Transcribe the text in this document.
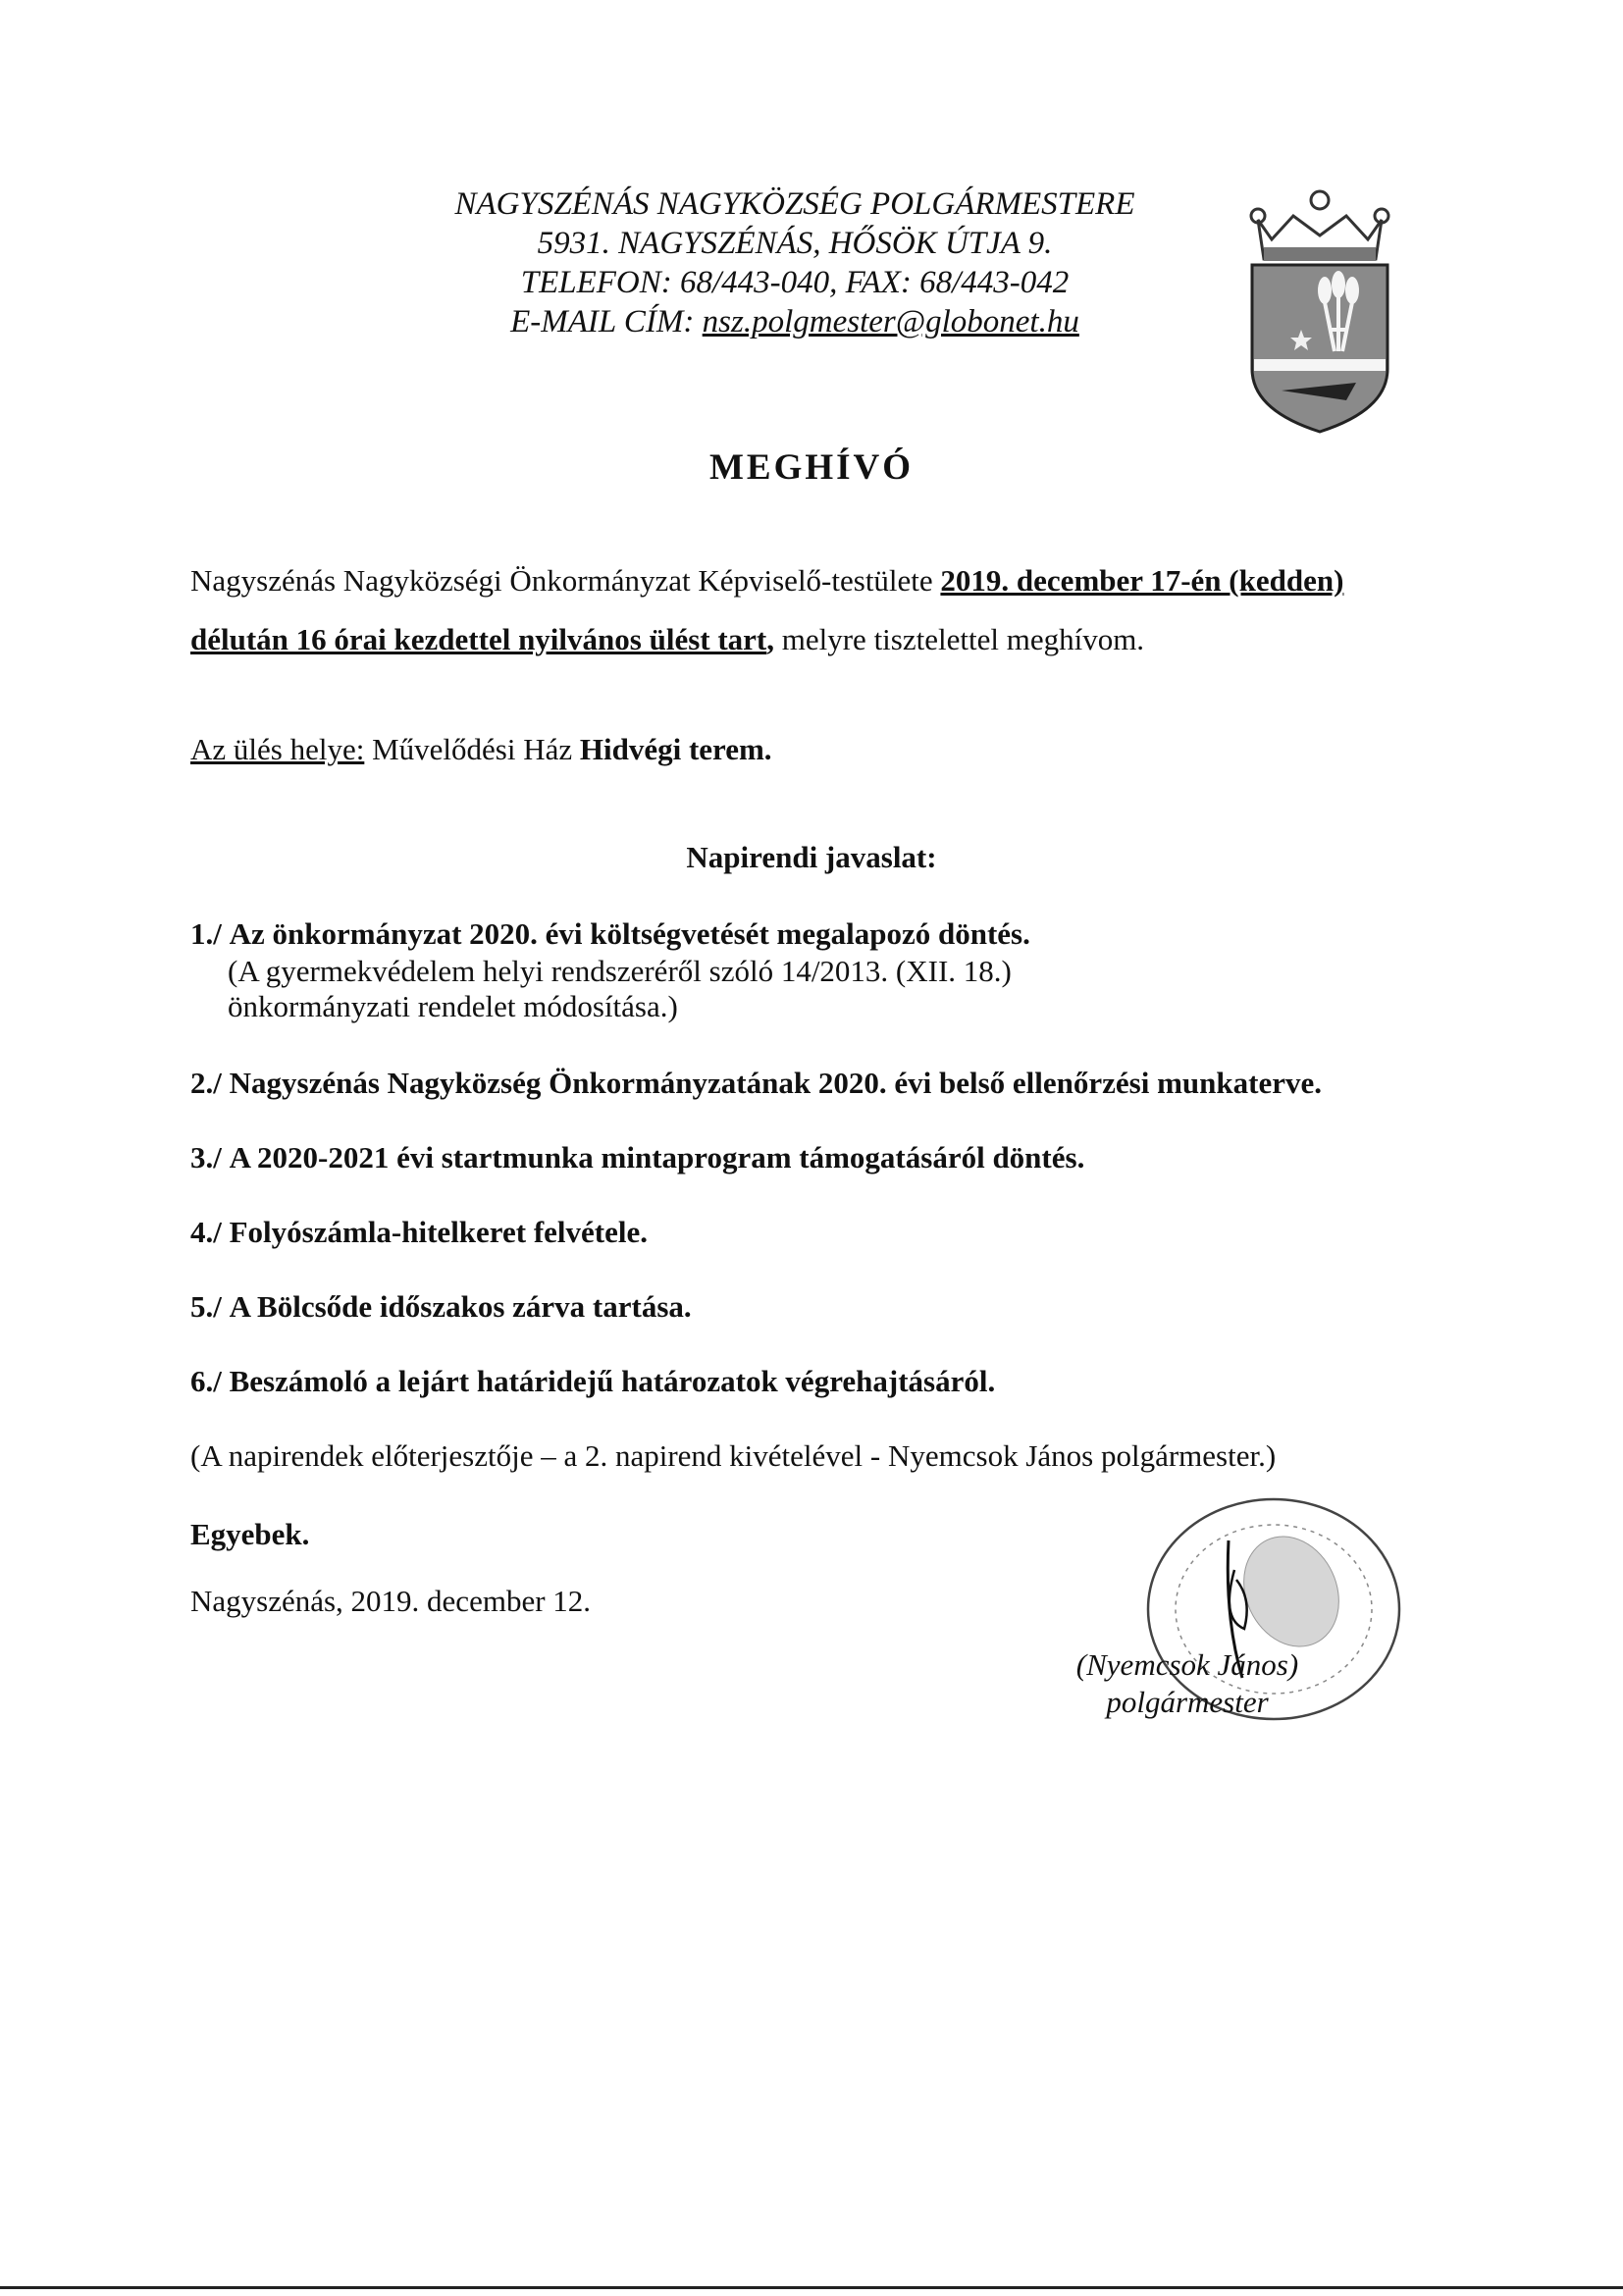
NAGYSZÉNÁS NAGYKÖZSÉG POLGÁRMESTERE
5931. NAGYSZÉNÁS, HŐSÖK ÚTJA 9.
TELEFON: 68/443-040, FAX: 68/443-042
E-MAIL CÍM: nsz.polgmester@globonet.hu
MEGHÍVÓ
Nagyszénás Nagyközségi Önkormányzat Képviselő-testülete 2019. december 17-én (kedden)
délután 16 órai kezdettel nyilvános ülést tart, melyre tisztelettel meghívom.
Az ülés helye: Művelődési Ház Hidvégi terem.
Napirendi javaslat:
1./ Az önkormányzat 2020. évi költségvetését megalapozó döntés.
(A gyermekvédelem helyi rendszeréről szóló 14/2013. (XII. 18.)
önkormányzati rendelet módosítása.)
2./ Nagyszénás Nagyközség Önkormányzatának 2020. évi belső ellenőrzési munkaterve.
3./ A 2020-2021 évi startmunka mintaprogram támogatásáról döntés.
4./ Folyószámla-hitelkeret felvétele.
5./ A Bölcsőde időszakos zárva tartása.
6./ Beszámoló a lejárt határidejű határozatok végrehajtásáról.
(A napirendek előterjesztője – a 2. napirend kivételével - Nyemcsok János polgármester.)
Egyebek.
Nagyszénás, 2019. december 12.
(Nyemcsok János)
polgármester
